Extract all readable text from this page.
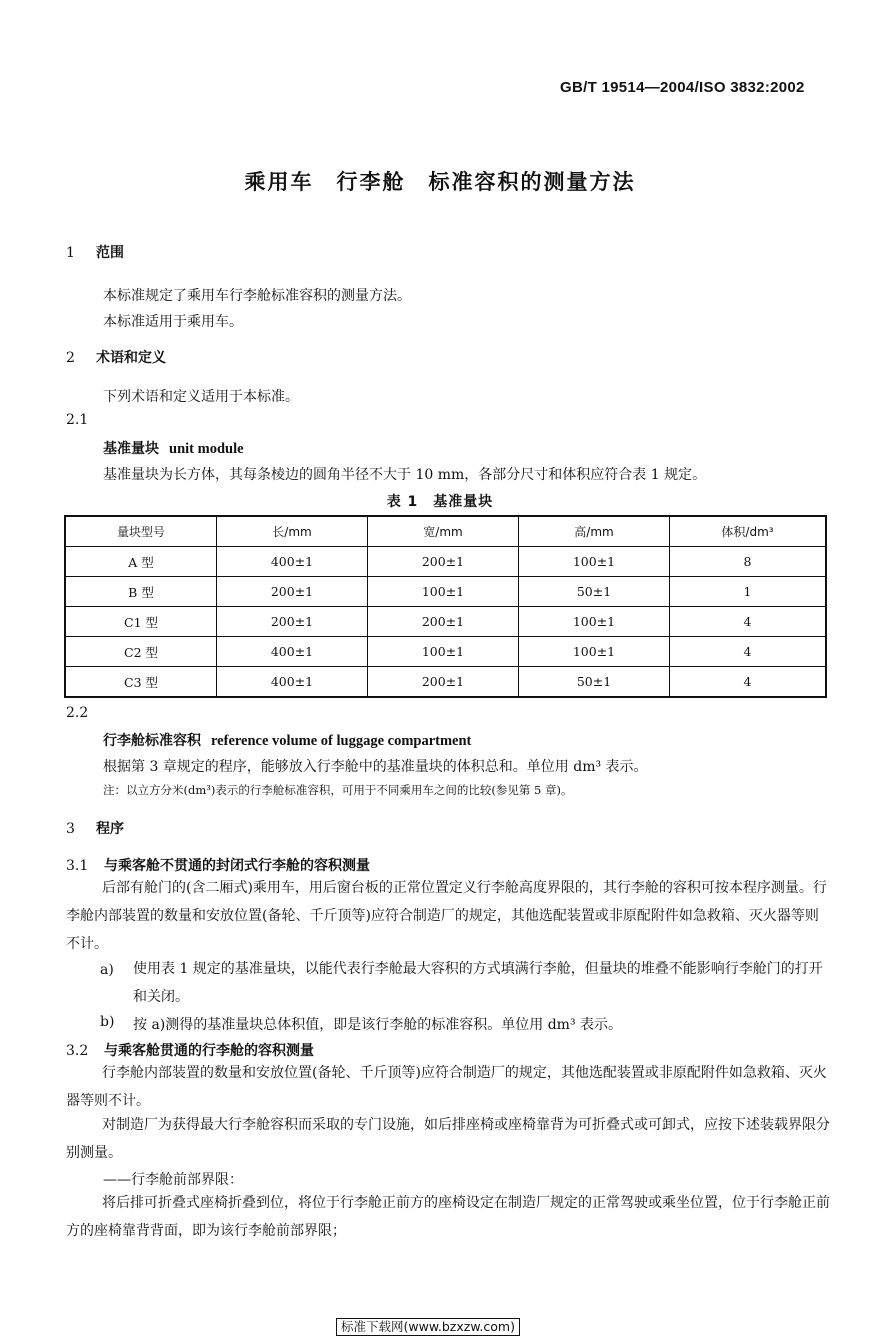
GB/T 19514—2004/ISO 3832:2002
乘用车　行李舱　标准容积的测量方法
1 范围
本标准规定了乘用车行李舱标准容积的测量方法。
本标准适用于乘用车。
2 术语和定义
下列术语和定义适用于本标准。
2.1
基准量块 unit module
基准量块为长方体，其每条棱边的圆角半径不大于 10 mm，各部分尺寸和体积应符合表 1 规定。
表 1　基准量块
量块型号	长/mm	宽/mm	高/mm	体积/dm³
A 型	400±1	200±1	100±1	8
B 型	200±1	100±1	50±1	1
C1 型	200±1	200±1	100±1	4
C2 型	400±1	100±1	100±1	4
C3 型	400±1	200±1	50±1	4
2.2
行李舱标准容积 reference volume of luggage compartment
根据第 3 章规定的程序，能够放入行李舱中的基准量块的体积总和。单位用 dm³ 表示。
注：以立方分米(dm³)表示的行李舱标准容积，可用于不同乘用车之间的比较(参见第 5 章)。
3 程序
3.1 与乘客舱不贯通的封闭式行李舱的容积测量
后部有舱门的(含二厢式)乘用车，用后窗台板的正常位置定义行李舱高度界限的，其行李舱的容积可按本程序测量。行李舱内部装置的数量和安放位置(备轮、千斤顶等)应符合制造厂的规定，其他选配装置或非原配附件如急救箱、灭火器等则不计。
a) 使用表 1 规定的基准量块，以能代表行李舱最大容积的方式填满行李舱，但量块的堆叠不能影响行李舱门的打开和关闭。
b) 按 a)测得的基准量块总体积值，即是该行李舱的标准容积。单位用 dm³ 表示。
3.2 与乘客舱贯通的行李舱的容积测量
行李舱内部装置的数量和安放位置(备轮、千斤顶等)应符合制造厂的规定，其他选配装置或非原配附件如急救箱、灭火器等则不计。
对制造厂为获得最大行李舱容积而采取的专门设施，如后排座椅或座椅靠背为可折叠式或可卸式，应按下述装载界限分别测量。
——行李舱前部界限：
将后排可折叠式座椅折叠到位，将位于行李舱正前方的座椅设定在制造厂规定的正常驾驶或乘坐位置，位于行李舱正前方的座椅靠背背面，即为该行李舱前部界限；
标准下载网(www.bzxzw.com)
